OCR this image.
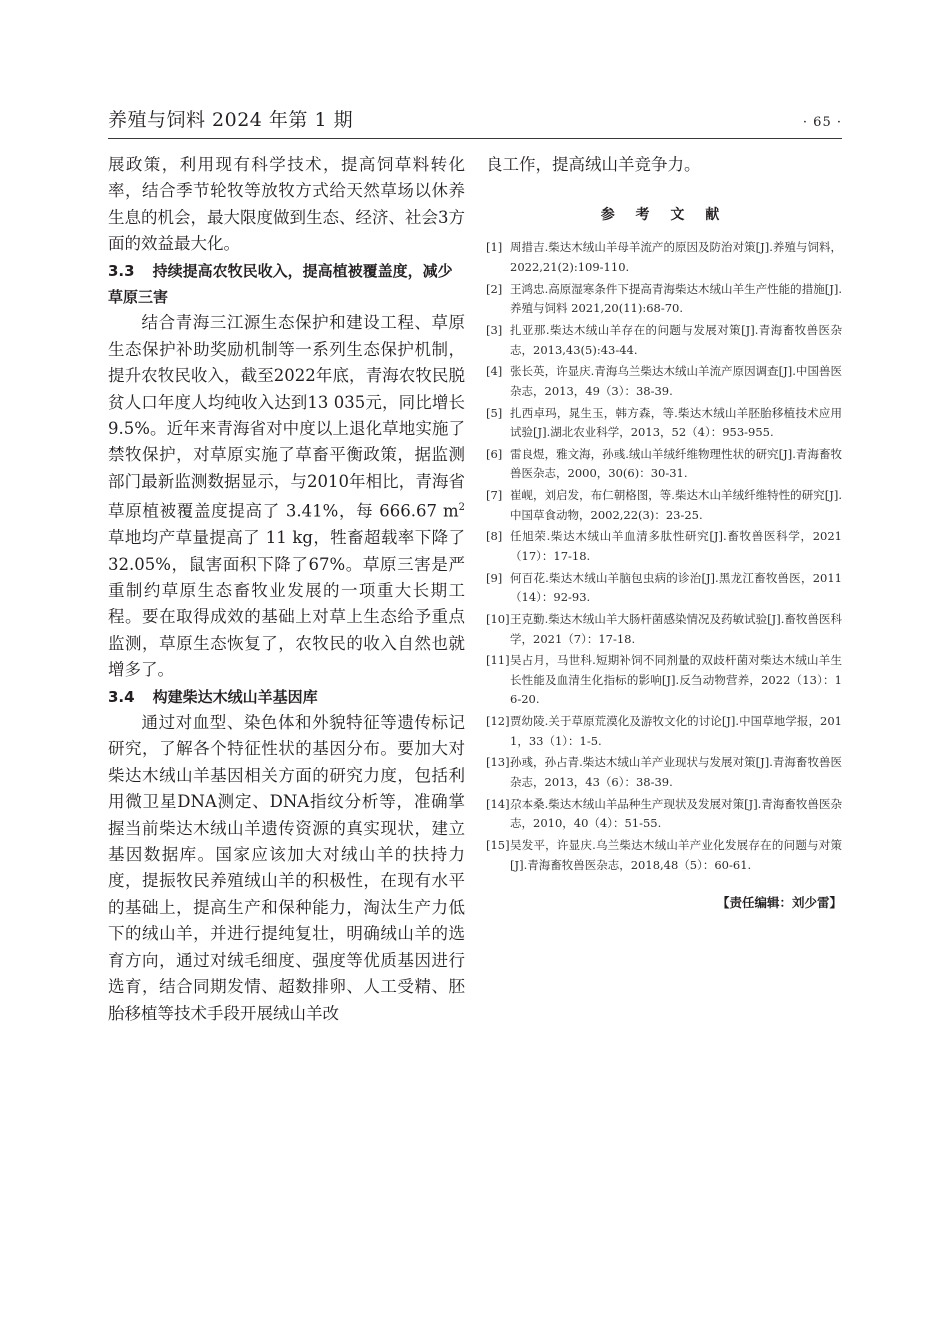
养殖与饲料 2024 年第 1 期	· 65 ·

展政策，利用现有科学技术，提高饲草料转化率，结合季节轮牧等放牧方式给天然草场以休养生息的机会，最大限度做到生态、经济、社会3方面的效益最大化。

3.3 持续提高农牧民收入，提高植被覆盖度，减少草原三害

结合青海三江源生态保护和建设工程、草原生态保护补助奖励机制等一系列生态保护机制，提升农牧民收入，截至2022年底，青海农牧民脱贫人口年度人均纯收入达到13 035元，同比增长9.5%。近年来青海省对中度以上退化草地实施了禁牧保护，对草原实施了草畜平衡政策，据监测部门最新监测数据显示，与2010年相比，青海省草原植被覆盖度提高了 3.41%，每 666.67 $m^2$ 草地均产草量提高了 11 kg，牲畜超载率下降了32.05%，鼠害面积下降了67%。草原三害是严重制约草原生态畜牧业发展的一项重大长期工程。要在取得成效的基础上对草上生态给予重点监测，草原生态恢复了，农牧民的收入自然也就增多了。

3.4 构建柴达木绒山羊基因库

通过对血型、染色体和外貌特征等遗传标记研究，了解各个特征性状的基因分布。要加大对柴达木绒山羊基因相关方面的研究力度，包括利用微卫星DNA测定、DNA指纹分析等，准确掌握当前柴达木绒山羊遗传资源的真实现状，建立基因数据库。国家应该加大对绒山羊的扶持力度，提振牧民养殖绒山羊的积极性，在现有水平的基础上，提高生产和保种能力，淘汰生产力低下的绒山羊，并进行提纯复壮，明确绒山羊的选育方向，通过对绒毛细度、强度等优质基因进行选育，结合同期发情、超数排卵、人工受精、胚胎移植等技术手段开展绒山羊改

良工作，提高绒山羊竞争力。

参 考 文 献
[1] 周措吉.柴达木绒山羊母羊流产的原因及防治对策[J].养殖与饲料，2022,21(2):109-110.
[2] 王鸿忠.高原湿寒条件下提高青海柴达木绒山羊生产性能的措施[J].养殖与饲料 2021,20(11):68-70.
[3] 扎亚那.柴达木绒山羊存在的问题与发展对策[J].青海畜牧兽医杂志，2013,43(5):43-44.
[4] 张长英，许显庆.青海乌兰柴达木绒山羊流产原因调查[J].中国兽医杂志，2013，49（3）：38-39.
[5] 扎西卓玛，晁生玉，韩方森，等.柴达木绒山羊胚胎移植技术应用试验[J].湖北农业科学，2013，52（4）：953-955.
[6] 雷良煜，雅文海，孙彧.绒山羊绒纤维物理性状的研究[J].青海畜牧兽医杂志，2000，30(6)：30-31.
[7] 崔岘，刘启发，布仁朝格图，等.柴达木山羊绒纤维特性的研究[J].中国草食动物，2002,22(3)：23-25.
[8] 任旭荣.柴达木绒山羊血清多肽性研究[J].畜牧兽医科学，2021（17）：17-18.
[9] 何百花.柴达木绒山羊脑包虫病的诊治[J].黑龙江畜牧兽医，2011（14）：92-93.
[10] 王克勤.柴达木绒山羊大肠杆菌感染情况及药敏试验[J].畜牧兽医科学，2021（7）：17-18.
[11] 吴占月，马世科.短期补饲不同剂量的双歧杆菌对柴达木绒山羊生长性能及血清生化指标的影响[J].反刍动物营养，2022（13）：16-20.
[12] 贾幼陵.关于草原荒漠化及游牧文化的讨论[J].中国草地学报，2011，33（1）：1-5.
[13] 孙彧，孙占青.柴达木绒山羊产业现状与发展对策[J].青海畜牧兽医杂志，2013，43（6）：38-39.
[14] 尕本桑.柴达木绒山羊品种生产现状及发展对策[J].青海畜牧兽医杂志，2010，40（4）：51-55.
[15] 吴发平，许显庆.乌兰柴达木绒山羊产业化发展存在的问题与对策[J].青海畜牧兽医杂志，2018,48（5）：60-61.
【责任编辑：刘少雷】
